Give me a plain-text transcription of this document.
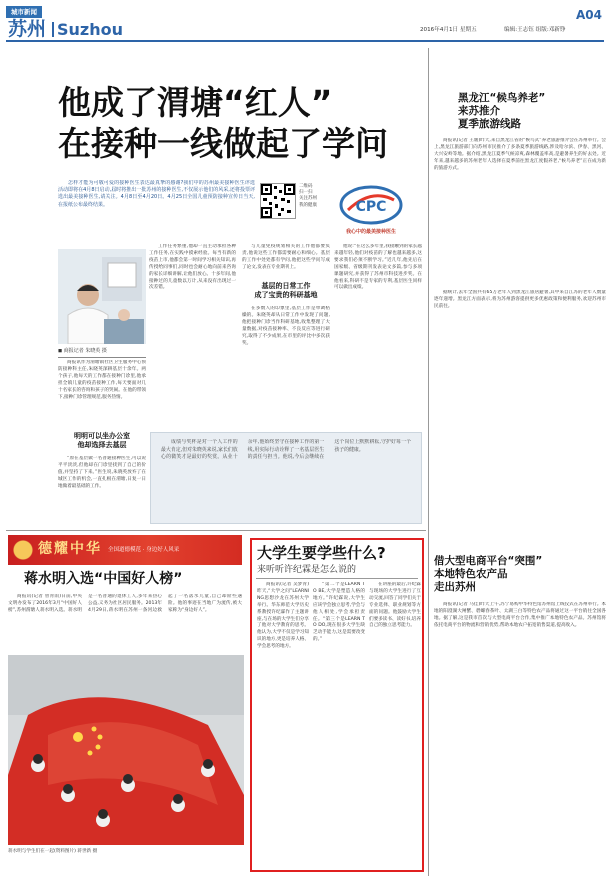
城市新闻
苏州 Suzhou
A04
2016年4月1日 星期五	编辑:王志钰 组版:邓新铮
他成了渭塘“红人”
在接种一线做起了学问

怎样才能为可敬可爱的接种医生表达最真挚的感谢?我们中的苏州最美接种医生评选活动即将在4月8日启动,届时将推出一批苏州的接种医生,不仅展示他们的风采,还将投票评选出最美接种医生,请关注。4月8日至4月20日。4月25日全国儿童预防接种宣传日当天,在报纸公布最终结果。

二维码
扫一扫
关注苏州
我的健康	CPC
我心中的最美接种医生
◼ 商报记者 朱晓英 摄

商报讯作为渭塘镇社区卫生服务中心预防接种科主任,朱晓英深耕基层十余年。两个孩子,他每天的工作都在接种门诊里,他承担全镇儿童的疫苗接种工作,每天要面对几十名家长的咨询和孩子的哭闹。在他的带领下,接种门诊管理规范,服务热情。

明明可以坐办公室
他却选择去基层

“原在基层做一名普通接种医生,可以说平平淡淡,但他却在门诊里找到了自己的价值,并坚持了下来。”医生说,朱晓英放弃了在城区工作的机会,一直扎根在渭塘,日复一日地做着最基础的工作。

工作任务繁重,他却一直主动承担各种工作任务,在实践中摸索经验。每当有新的疫苗上市,他都会第一时间学习相关知识,再传授给同事们,同时也会耐心地向前来咨询的家长详细讲解,让他们放心。十多年间,他接种过的儿童数以万计,从来没有出现过一次差错。

与儿童免疫规划相关的工作他都要负责,他说这些工作都需要耐心和细心。基层的工作中处处都有学问,他把这些学问写成了论文,发表在专业期刊上。

基层的日常工作
成了宝贵的科研基地

在多数人的印象里,基层工作是单调枯燥的。朱晓英却从日常工作中发现了问题,他把接种门诊当作科研基地,收集整理了大量数据,对疫苗接种率、不良反应等进行研究,取得了不少成果,在市里的评比中多次获奖。

他说:“在这么多年里,我接触到的家长越来越年轻,他们对疫苗的了解也越来越多,这要求我们必须不断学习。”近几年,他先后在国家级、省级期刊发表论文多篇,参与多项课题研究,并获得了苏州市科技进步奖。在他看来,科研不是专家的专利,基层医生同样可以做出成绩。

成绩与奖杯是对一个人工作的最大肯定,但对朱晓英来说,家长们放心的微笑才是最好的奖赏。从业十余年,他始终坚守在接种工作的第一线,用实际行动诠释了一名基层医生的责任与担当。他说,今后会继续在这个岗位上默默耕耘,守护好每一个孩子的健康。
黑龙江“候鸟养老”
来苏推介
夏季旅游线路

商报讯(记者 王媛)昨天,来自黑龙江省的“候鸟式”养老旅游推介会在苏州举行。会上,黑龙江旅游部门向苏州市民推介了多条夏季旅游线路,涉及哈尔滨、伊春、黑河、大兴安岭等地。据介绍,黑龙江夏季气候凉爽,森林覆盖率高,是避暑养生的好去处。近年来,越来越多的苏州老年人选择在夏季前往黑龙江度假养老,“候鸟养老”正在成为新的旅游方式。

据统计,去年全国共有65万老年人到黑龙江旅居避暑,其中来自江苏的老年人数量逐年递增。黑龙江方面表示,将为苏州游客提供更多优惠政策和便利服务,欢迎苏州市民前往。

借大型电商平台“突围”
本地特色农产品
走出苏州

商报讯(记者 马佳)昨天上午,苏宁易购中华特色馆苏州馆上线仪式在苏州举行。本地的阳澄湖大闸蟹、碧螺春茶叶、太湖三白等特色农产品将通过这一平台销往全国各地。据了解,这是我市首次与大型电商平台合作,集中推广本地特色农产品。苏州馆将依托电商平台的物流和营销优势,帮助本地农户拓宽销售渠道,提高收入。

德耀中华 全国道德模范 · 身边好人风采
蒋水明入选“中国好人榜”

商报讯(记者 曾青雨)日前,中央文明办发布了2016年3月“中国好人榜”,苏州渭塘人蒋水明入选。蒋水明是一名普通的退休工人,多年来热心公益,义务为社区居民服务。2013年4月29日,蒋水明在苏州一条河边救起了一名落水儿童,自己却险些遇险。他的事迹在当地广为流传,被大家称为“身边好人”。

蒋水明与学生们在一起(资料图片) 蒋世新 摄
大学生要学些什么?
来听听许纪霖是怎么说的

商报讯(记者 吴梦青)昨天,“大学之问”LEARNING思想沙龙在苏州大学举行。华东师范大学历史系教授许纪霖作了主题讲座,与在场的大学生们分享了他对大学教育的思考。他认为,大学不仅是学习知识的地方,更是培养人格、学会思考的地方。

“第二个是LEARN TO BE,大学是塑造人格的地方。”许纪霖说,大学生应该学会独立思考,学会与他人相处,学会承担责任。“第三个是LEARN TO DO,现在很多大学生缺乏动手能力,这是需要改变的。”

在讲座的最后,许纪霖与现场的大学生进行了互动交流,回答了同学们关于专业选择、职业规划等方面的问题。他鼓励大学生们要多读书、读好书,培养自己的独立思考能力。
